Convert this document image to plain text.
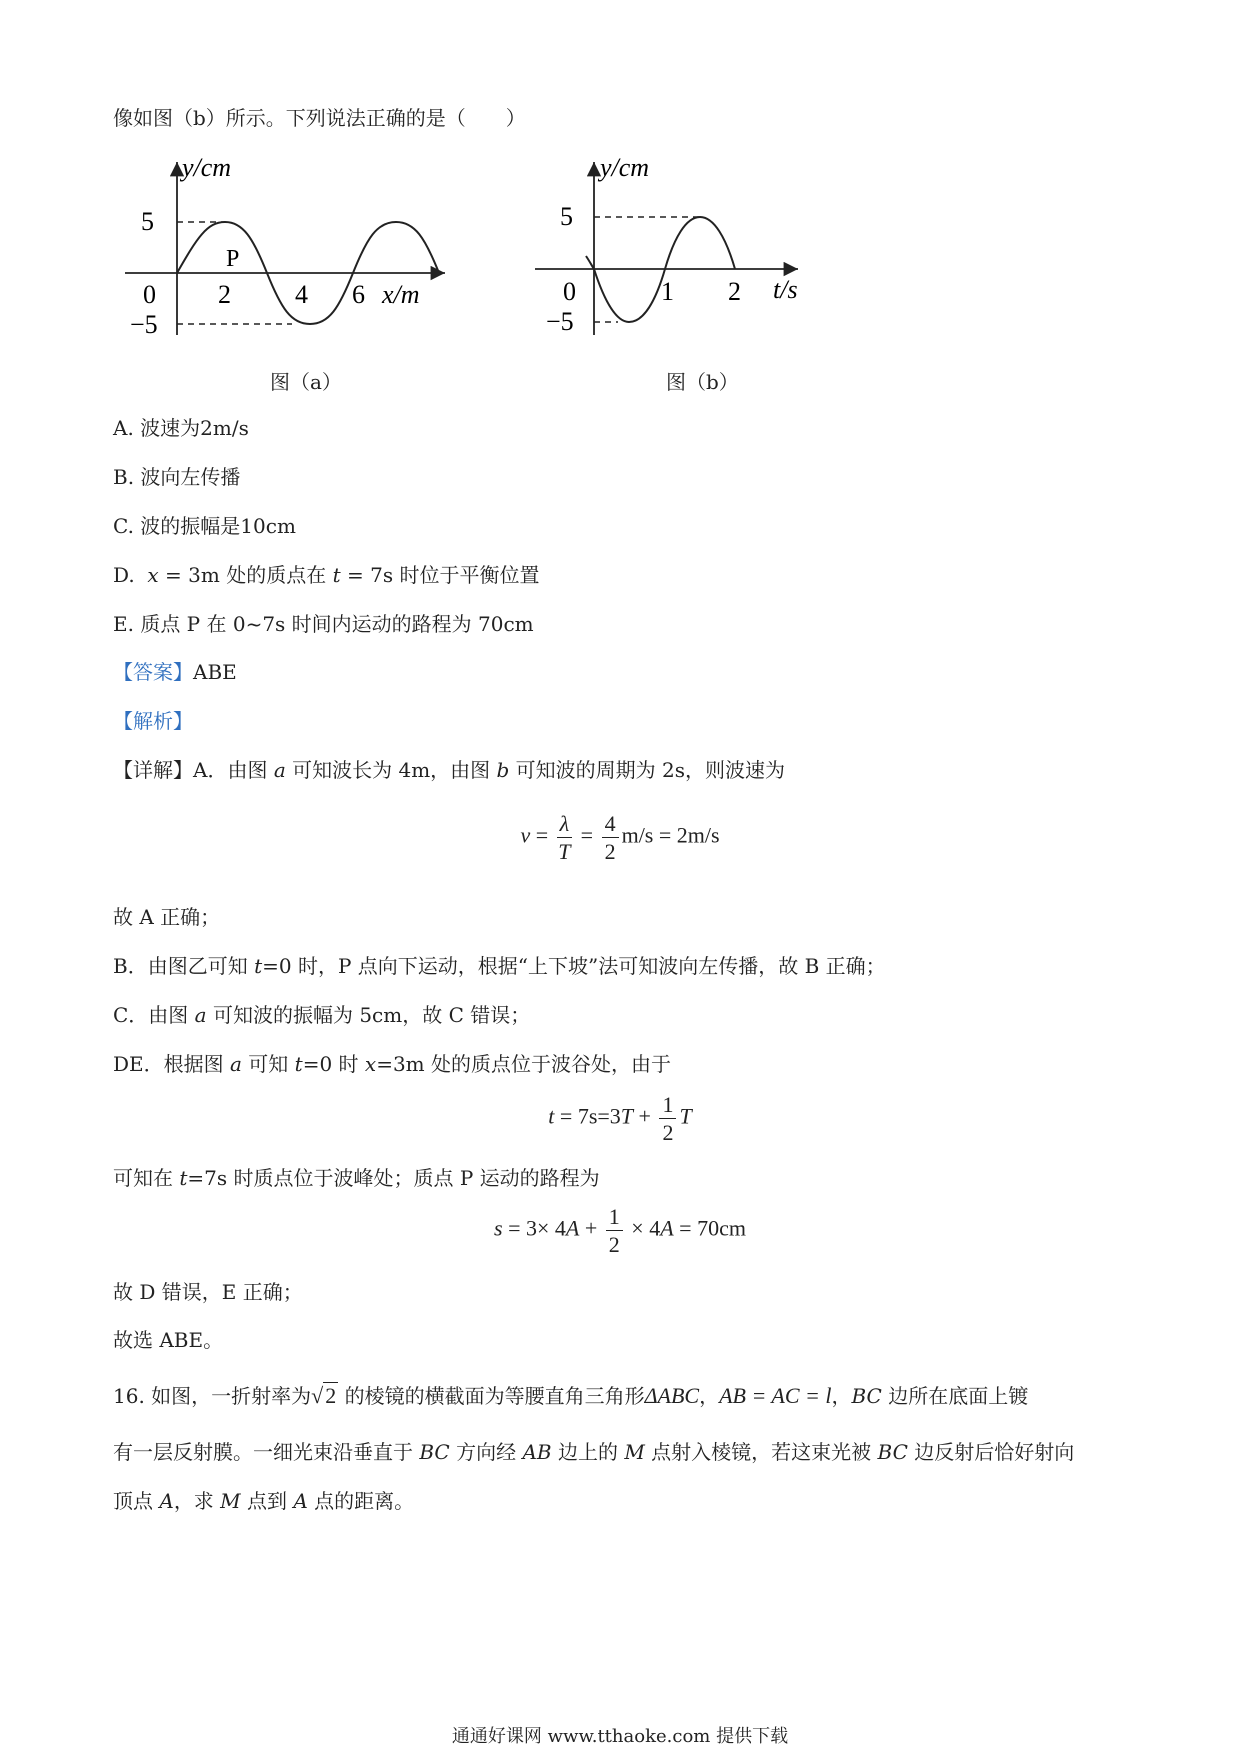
像如图（b）所示。下列说法正确的是（　　）
y/cm
5
−5
0 2 4 6
P
x/m
图（a）
y/cm
5
−5
0	1 2 t/s
图（b）
A. 波速为2m/s
B. 波向左传播
C. 波的振幅是10cm
D. x = 3m 处的质点在 t = 7s 时位于平衡位置
E. 质点 P 在 0~7s 时间内运动的路程为 70cm
【答案】ABE
【解析】
【详解】A．由图 a 可知波长为 4m，由图 b 可知波的周期为 2s，则波速为
$v = \frac{\lambda}{T} = \frac{4}{2} m/s = 2m/s$
故 A 正确；
B．由图乙可知 t=0 时，P 点向下运动，根据“上下坡”法可知波向左传播，故 B 正确；
C．由图 a 可知波的振幅为 5cm，故 C 错误；
DE．根据图 a 可知 t=0 时 x=3m 处的质点位于波谷处，由于
$t = 7s=3T + \frac{1}{2}$ T
可知在 t=7s 时质点位于波峰处；质点 P 运动的路程为
$s = 3\times 4A + \frac{1}{2} \times 4A = 70cm$
故 D 错误，E 正确；
故选 ABE。
16. 如图，一折射率为√2 的棱镜的横截面为等腰直角三角形ΔABC，AB = AC = l，BC 边所在底面上镀
有一层反射膜。一细光束沿垂直于 BC 方向经 AB 边上的 M 点射入棱镜，若这束光被 BC 边反射后恰好射向
顶点 A，求 M 点到 A 点的距离。
通通好课网 www.tthaoke.com 提供下载
